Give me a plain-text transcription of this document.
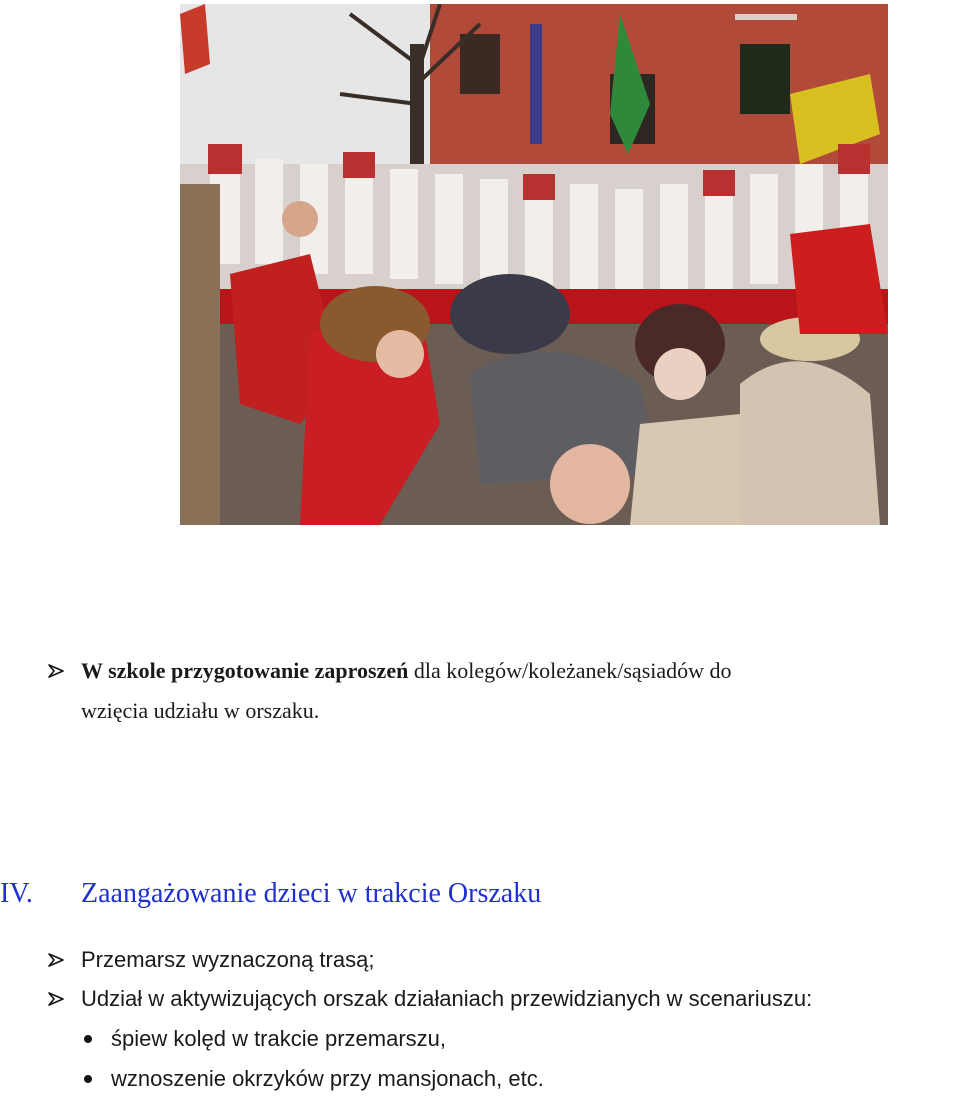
W szkole przygotowanie zaproszeń dla kolegów/koleżanek/sąsiadów do
wzięcia udziału w orszaku.
IV. Zaangażowanie dzieci w trakcie Orszaku
Przemarsz wyznaczoną trasą;
Udział w aktywizujących orszak działaniach przewidzianych w scenariuszu:
śpiew kolęd w trakcie przemarszu,
wznoszenie okrzyków przy mansjonach, etc.
